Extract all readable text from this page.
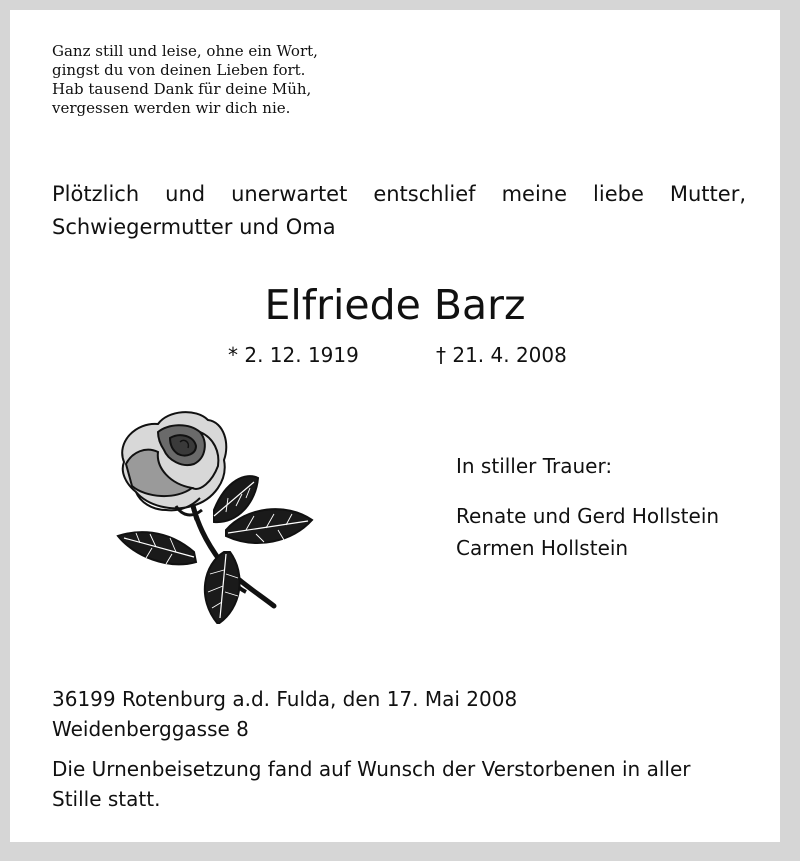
Ganz still und leise, ohne ein Wort,
gingst du von deinen Lieben fort.
Hab tausend Dank für deine Müh,
vergessen werden wir dich nie.
Plötzlich und unerwartet entschlief meine liebe Mutter,
Schwiegermutter und Oma
Elfriede Barz
* 2. 12. 1919	† 21. 4. 2008
In stiller Trauer:
Renate und Gerd Hollstein
Carmen Hollstein
36199 Rotenburg a.d. Fulda, den 17. Mai 2008
Weidenberggasse 8
Die Urnenbeisetzung fand auf Wunsch der Verstorbenen in aller
Stille statt.
